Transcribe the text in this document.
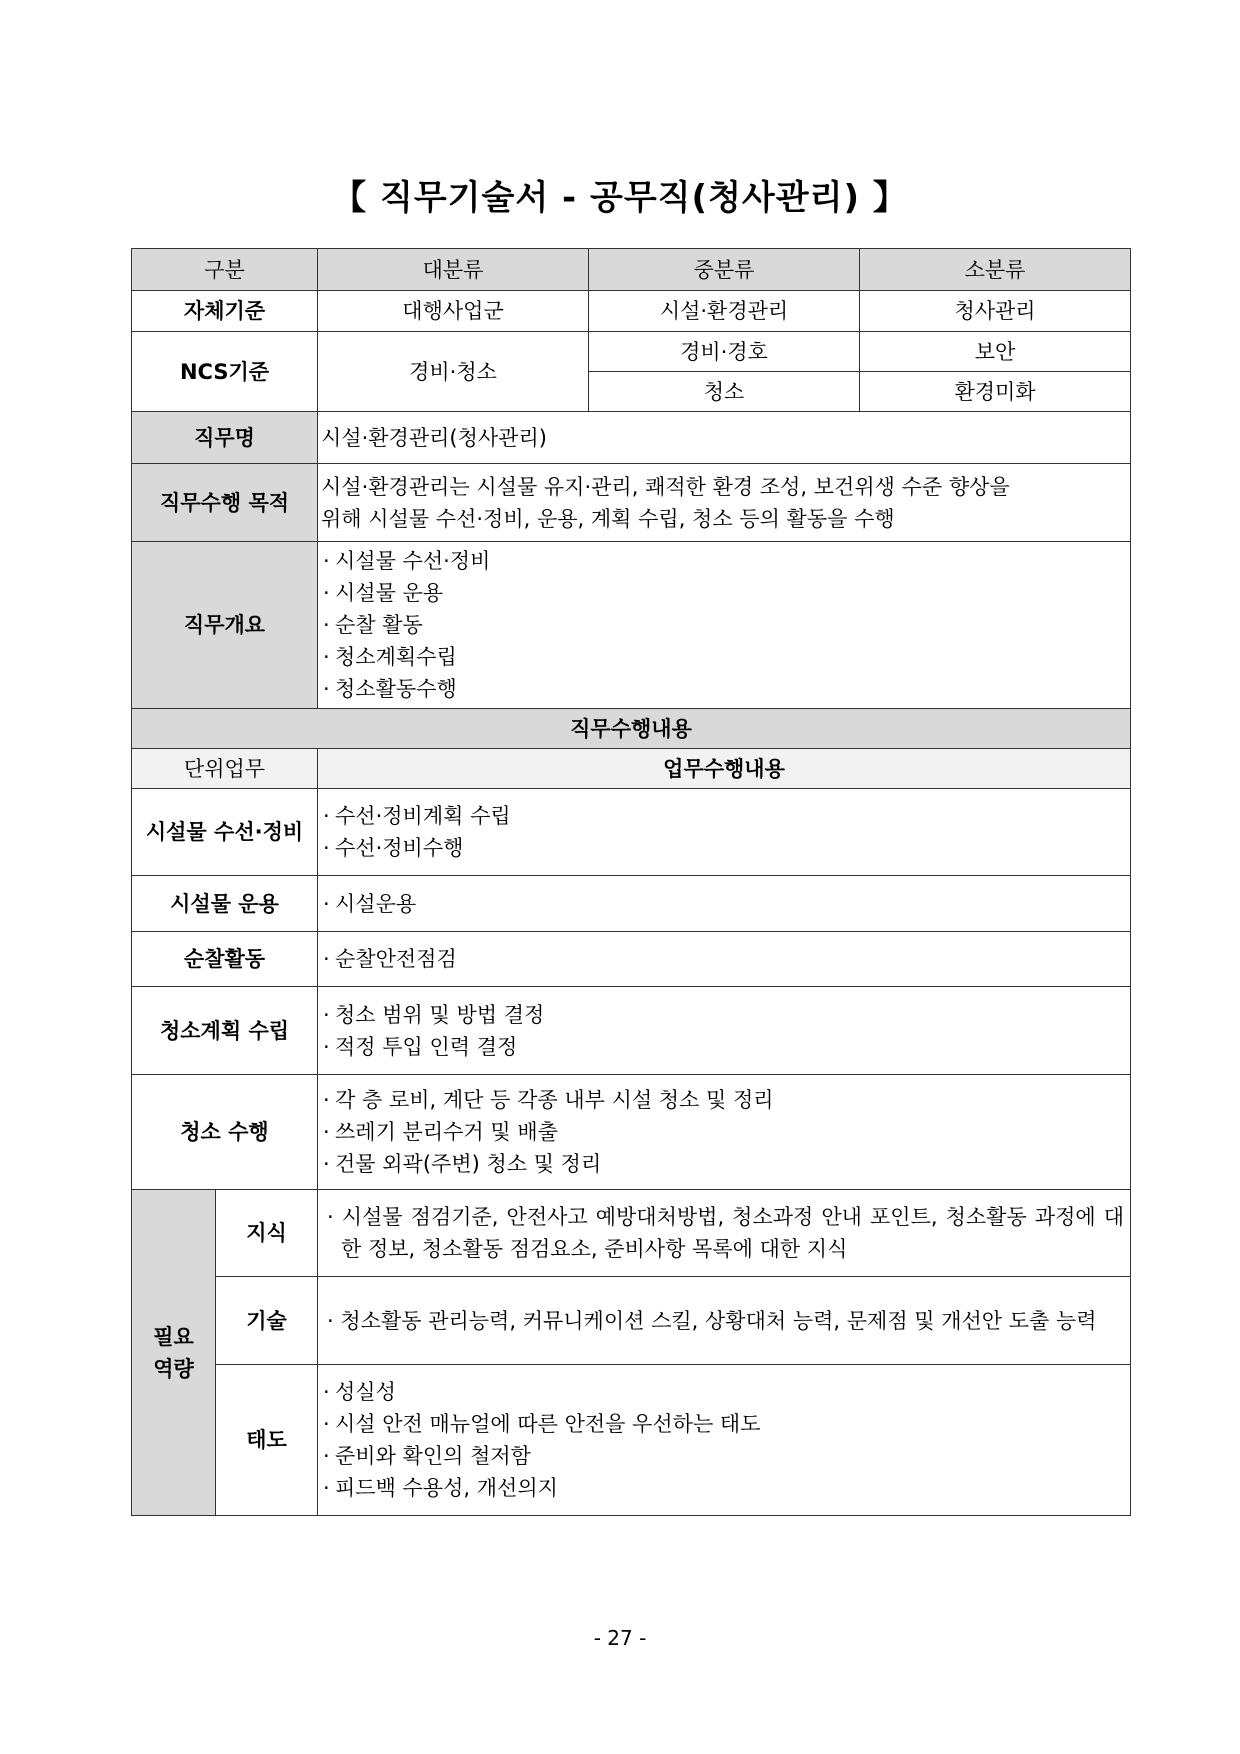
【 직무기술서 - 공무직(청사관리) 】
구분		대분류	중분류	소분류
자체기준		대행사업군	시설·환경관리	청사관리
NCS기준		경비·청소	경비·경호	보안
			청소	환경미화
직무명		시설·환경관리(청사관리)		
직무수행 목적		시설·환경관리는 시설물 유지·관리, 쾌적한 환경 조성, 보건위생 수준 향상을
위해 시설물 수선·정비, 운용, 계획 수립, 청소 등의 활동을 수행		

직무개요		· 시설물 수선·정비
· 시설물 운용
· 순찰 활동
· 청소계획수립
· 청소활동수행		

직무수행내용				
단위업무		업무수행내용		
시설물 수선·정비		· 수선·정비계획 수립
· 수선·정비수행		

시설물 운용		· 시설운용		

순찰활동		· 순찰안전점검		

청소계획 수립		· 청소 범위 및 방법 결정
· 적정 투입 인력 결정		

청소 수행		· 각 층 로비, 계단 등 각종 내부 시설 청소 및 정리
· 쓰레기 분리수거 및 배출
· 건물 외곽(주변) 청소 및 정리		

필요
역량	지식	· 시설물 점검기준, 안전사고 예방대처방법, 청소과정 안내 포인트, 청소활동 과정에 대한 정보, 청소활동 점검요소, 준비사항 목록에 대한 지식		

	기술	· 청소활동 관리능력, 커뮤니케이션 스킬, 상황대처 능력, 문제점 및 개선안 도출 능력		

	태도	· 성실성
· 시설 안전 매뉴얼에 따른 안전을 우선하는 태도
· 준비와 확인의 철저함
· 피드백 수용성, 개선의지		
- 27 -
